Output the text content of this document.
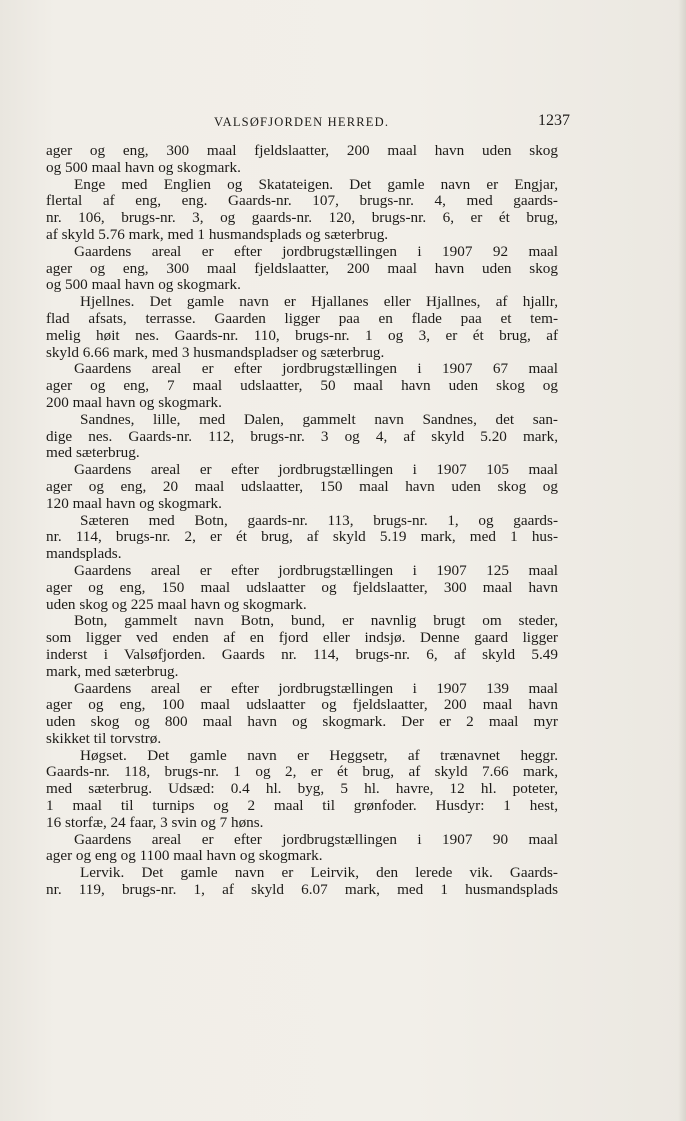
VALSØFJORDEN HERRED.	1237
ager og eng, 300 maal fjeldslaatter, 200 maal havn uden skog
og 500 maal havn og skogmark.
Enge med Englien og Skatateigen. Det gamle navn er Engjar,
flertal af eng, eng. Gaards-nr. 107, brugs-nr. 4, med gaards-
nr. 106, brugs-nr. 3, og gaards-nr. 120, brugs-nr. 6, er ét brug,
af skyld 5.76 mark, med 1 husmandsplads og sæterbrug.
Gaardens areal er efter jordbrugstællingen i 1907 92 maal
ager og eng, 300 maal fjeldslaatter, 200 maal havn uden skog
og 500 maal havn og skogmark.
Hjellnes. Det gamle navn er Hjallanes eller Hjallnes, af hjallr,
flad afsats, terrasse. Gaarden ligger paa en flade paa et tem-
melig høit nes. Gaards-nr. 110, brugs-nr. 1 og 3, er ét brug, af
skyld 6.66 mark, med 3 husmandspladser og sæterbrug.
Gaardens areal er efter jordbrugstællingen i 1907 67 maal
ager og eng, 7 maal udslaatter, 50 maal havn uden skog og
200 maal havn og skogmark.
Sandnes, lille, med Dalen, gammelt navn Sandnes, det san-
dige nes. Gaards-nr. 112, brugs-nr. 3 og 4, af skyld 5.20 mark,
med sæterbrug.
Gaardens areal er efter jordbrugstællingen i 1907 105 maal
ager og eng, 20 maal udslaatter, 150 maal havn uden skog og
120 maal havn og skogmark.
Sæteren med Botn, gaards-nr. 113, brugs-nr. 1, og gaards-
nr. 114, brugs-nr. 2, er ét brug, af skyld 5.19 mark, med 1 hus-
mandsplads.
Gaardens areal er efter jordbrugstællingen i 1907 125 maal
ager og eng, 150 maal udslaatter og fjeldslaatter, 300 maal havn
uden skog og 225 maal havn og skogmark.
Botn, gammelt navn Botn, bund, er navnlig brugt om steder,
som ligger ved enden af en fjord eller indsjø. Denne gaard ligger
inderst i Valsøfjorden. Gaards nr. 114, brugs-nr. 6, af skyld 5.49
mark, med sæterbrug.
Gaardens areal er efter jordbrugstællingen i 1907 139 maal
ager og eng, 100 maal udslaatter og fjeldslaatter, 200 maal havn
uden skog og 800 maal havn og skogmark. Der er 2 maal myr
skikket til torvstrø.
Høgset. Det gamle navn er Heggsetr, af trænavnet heggr.
Gaards-nr. 118, brugs-nr. 1 og 2, er ét brug, af skyld 7.66 mark,
med sæterbrug. Udsæd: 0.4 hl. byg, 5 hl. havre, 12 hl. poteter,
1 maal til turnips og 2 maal til grønfoder. Husdyr: 1 hest,
16 storfæ, 24 faar, 3 svin og 7 høns.
Gaardens areal er efter jordbrugstællingen i 1907 90 maal
ager og eng og 1100 maal havn og skogmark.
Lervik. Det gamle navn er Leirvik, den lerede vik. Gaards-
nr. 119, brugs-nr. 1, af skyld 6.07 mark, med 1 husmandsplads
